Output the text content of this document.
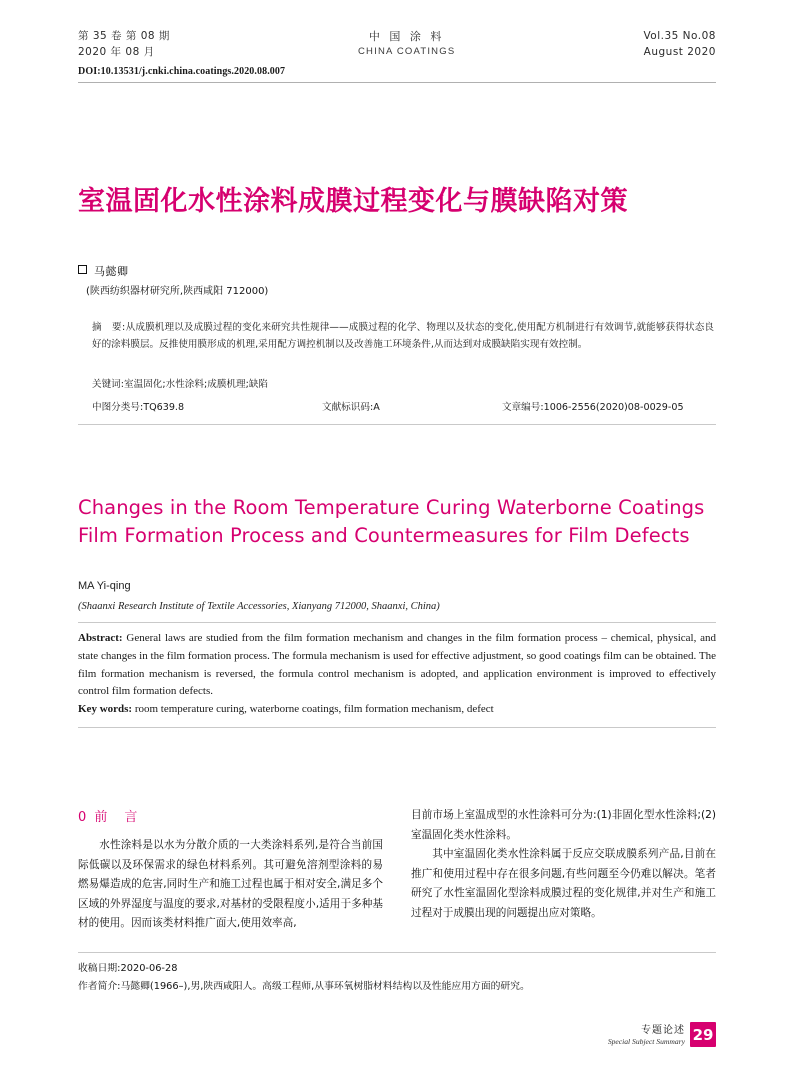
第 35 卷 第 08 期
2020 年 08 月
中 国 涂 料
CHINA COATINGS
Vol.35 No.08
August 2020
DOI:10.13531/j.cnki.china.coatings.2020.08.007
室温固化水性涂料成膜过程变化与膜缺陷对策
马懿卿
(陕西纺织器材研究所,陕西咸阳 712000)
摘　要:从成膜机理以及成膜过程的变化来研究共性规律——成膜过程的化学、物理以及状态的变化,使用配方机制进行有效调节,就能够获得状态良好的涂料膜层。反推使用膜形成的机理,采用配方调控机制以及改善施工环境条件,从而达到对成膜缺陷实现有效控制。
关键词:室温固化;水性涂料;成膜机理;缺陷
中图分类号:TQ639.8	文献标识码:A	文章编号:1006-2556(2020)08-0029-05
Changes in the Room Temperature Curing Waterborne Coatings Film Formation Process and Countermeasures for Film Defects
MA Yi-qing
(Shaanxi Research Institute of Textile Accessories, Xianyang 712000, Shaanxi, China)
Abstract: General laws are studied from the film formation mechanism and changes in the film formation process – chemical, physical, and state changes in the film formation process. The formula mechanism is used for effective adjustment, so good coatings film can be obtained. The film formation mechanism is reversed, the formula control mechanism is adopted, and application environment is improved to effectively control film formation defects.
Key words: room temperature curing, waterborne coatings, film formation mechanism, defect
0 前　言

水性涂料是以水为分散介质的一大类涂料系列,是符合当前国际低碳以及环保需求的绿色材料系列。其可避免溶剂型涂料的易燃易爆造成的危害,同时生产和施工过程也属于相对安全,满足多个区域的外界湿度与温度的要求,对基材的受限程度小,适用于多种基材的使用。因而该类材料推广面大,使用效率高,

目前市场上室温成型的水性涂料可分为:(1)非固化型水性涂料;(2)室温固化类水性涂料。

其中室温固化类水性涂料属于反应交联成膜系列产品,目前在推广和使用过程中存在很多问题,有些问题至今仍难以解决。笔者研究了水性室温固化型涂料成膜过程的变化规律,并对生产和施工过程对于成膜出现的问题提出应对策略。

收稿日期:2020-06-28
作者简介:马懿卿(1966–),男,陕西咸阳人。高级工程师,从事环氧树脂材料结构以及性能应用方面的研究。
专题论述
Special Subject Summary 29
